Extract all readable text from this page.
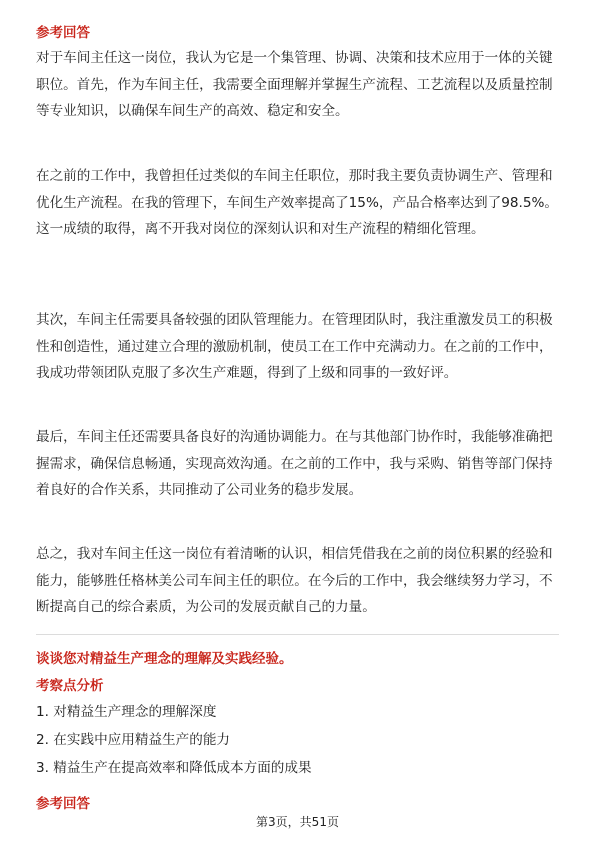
参考回答
对于车间主任这一岗位，我认为它是一个集管理、协调、决策和技术应用于一体的关键职位。首先，作为车间主任，我需要全面理解并掌握生产流程、工艺流程以及质量控制等专业知识，以确保车间生产的高效、稳定和安全。
在之前的工作中，我曾担任过类似的车间主任职位，那时我主要负责协调生产、管理和优化生产流程。在我的管理下，车间生产效率提高了15%，产品合格率达到了98.5%。这一成绩的取得，离不开我对岗位的深刻认识和对生产流程的精细化管理。
其次，车间主任需要具备较强的团队管理能力。在管理团队时，我注重激发员工的积极性和创造性，通过建立合理的激励机制，使员工在工作中充满动力。在之前的工作中，我成功带领团队克服了多次生产难题，得到了上级和同事的一致好评。
最后，车间主任还需要具备良好的沟通协调能力。在与其他部门协作时，我能够准确把握需求，确保信息畅通，实现高效沟通。在之前的工作中，我与采购、销售等部门保持着良好的合作关系，共同推动了公司业务的稳步发展。
总之，我对车间主任这一岗位有着清晰的认识，相信凭借我在之前的岗位积累的经验和能力，能够胜任格林美公司车间主任的职位。在今后的工作中，我会继续努力学习，不断提高自己的综合素质，为公司的发展贡献自己的力量。
谈谈您对精益生产理念的理解及实践经验。
考察点分析
1. 对精益生产理念的理解深度
2. 在实践中应用精益生产的能力
3. 精益生产在提高效率和降低成本方面的成果
参考回答
第3页，共51页
